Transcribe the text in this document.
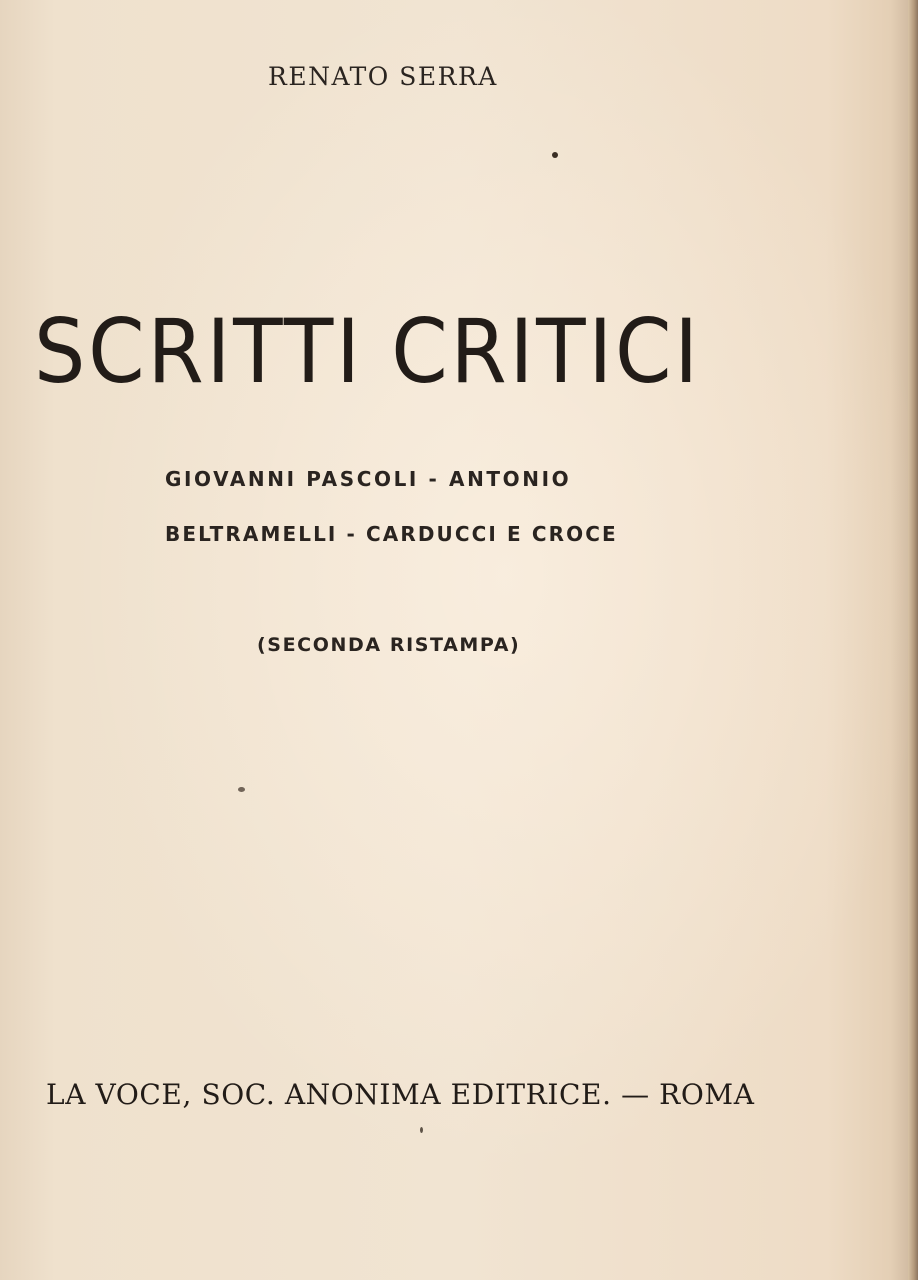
RENATO SERRA
SCRITTI CRITICI
GIOVANNI PASCOLI - ANTONIO
BELTRAMELLI - CARDUCCI E CROCE
(SECONDA RISTAMPA)
LA VOCE, SOC. ANONIMA EDITRICE. — ROMA
